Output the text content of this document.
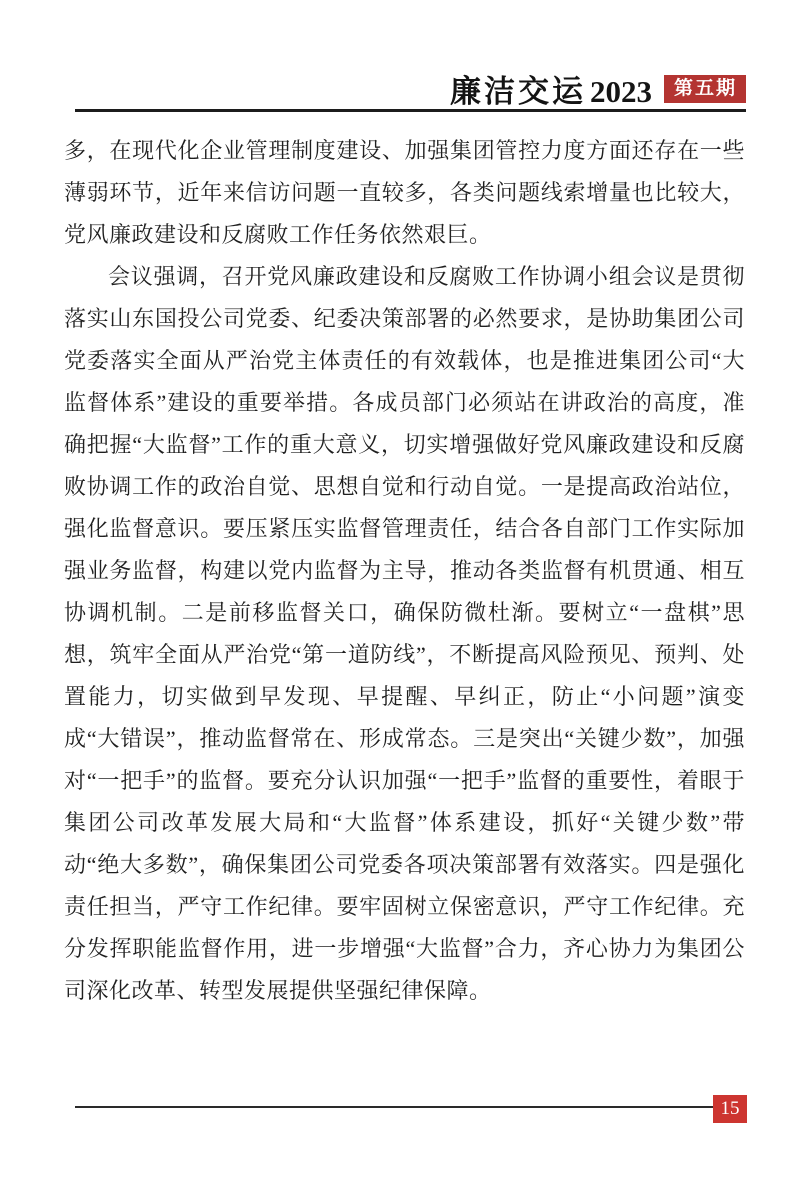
廉洁交运 2023	第五期

多，在现代化企业管理制度建设、加强集团管控力度方面还存在一些薄弱环节，近年来信访问题一直较多，各类问题线索增量也比较大，党风廉政建设和反腐败工作任务依然艰巨。

会议强调，召开党风廉政建设和反腐败工作协调小组会议是贯彻落实山东国投公司党委、纪委决策部署的必然要求，是协助集团公司党委落实全面从严治党主体责任的有效载体，也是推进集团公司“大监督体系”建设的重要举措。各成员部门必须站在讲政治的高度，准确把握“大监督”工作的重大意义，切实增强做好党风廉政建设和反腐败协调工作的政治自觉、思想自觉和行动自觉。一是提高政治站位，强化监督意识。要压紧压实监督管理责任，结合各自部门工作实际加强业务监督，构建以党内监督为主导，推动各类监督有机贯通、相互协调机制。二是前移监督关口，确保防微杜渐。要树立“一盘棋”思想，筑牢全面从严治党“第一道防线”，不断提高风险预见、预判、处置能力，切实做到早发现、早提醒、早纠正，防止“小问题”演变成“大错误”，推动监督常在、形成常态。三是突出“关键少数”，加强对“一把手”的监督。要充分认识加强“一把手”监督的重要性，着眼于集团公司改革发展大局和“大监督”体系建设，抓好“关键少数”带动“绝大多数”，确保集团公司党委各项决策部署有效落实。四是强化责任担当，严守工作纪律。要牢固树立保密意识，严守工作纪律。充分发挥职能监督作用，进一步增强“大监督”合力，齐心协力为集团公司深化改革、转型发展提供坚强纪律保障。

15
